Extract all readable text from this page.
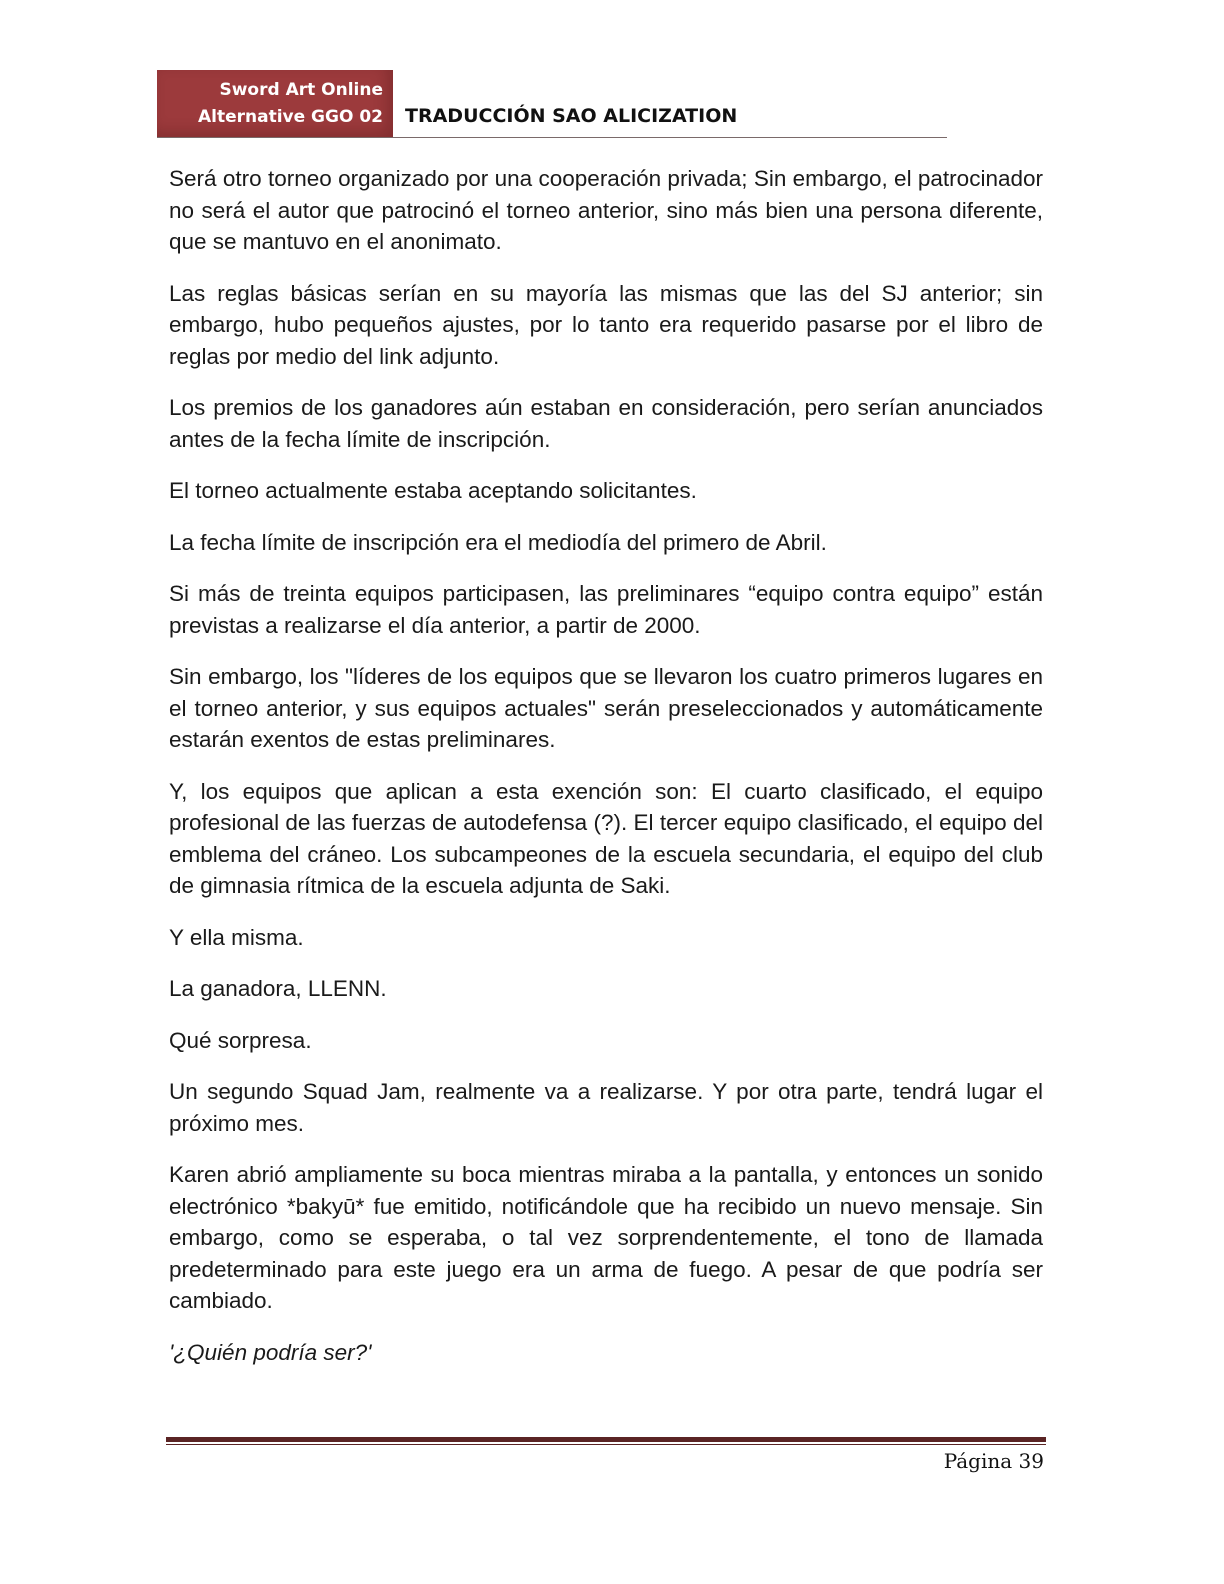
Sword Art Online
Alternative GGO 02 TRADUCCIÓN SAO ALICIZATION

Será otro torneo organizado por una cooperación privada; Sin embargo, el patrocinador no será el autor que patrocinó el torneo anterior, sino más bien una persona diferente, que se mantuvo en el anonimato.

Las reglas básicas serían en su mayoría las mismas que las del SJ anterior; sin embargo, hubo pequeños ajustes, por lo tanto era requerido pasarse por el libro de reglas por medio del link adjunto.

Los premios de los ganadores aún estaban en consideración, pero serían anunciados antes de la fecha límite de inscripción.

El torneo actualmente estaba aceptando solicitantes.

La fecha límite de inscripción era el mediodía del primero de Abril.

Si más de treinta equipos participasen, las preliminares “equipo contra equipo” están previstas a realizarse el día anterior, a partir de 2000.

Sin embargo, los "líderes de los equipos que se llevaron los cuatro primeros lugares en el torneo anterior, y sus equipos actuales" serán preseleccionados y automáticamente estarán exentos de estas preliminares.

Y, los equipos que aplican a esta exención son: El cuarto clasificado, el equipo profesional de las fuerzas de autodefensa (?). El tercer equipo clasificado, el equipo del emblema del cráneo. Los subcampeones de la escuela secundaria, el equipo del club de gimnasia rítmica de la escuela adjunta de Saki.

Y ella misma.

La ganadora, LLENN.

Qué sorpresa.

Un segundo Squad Jam, realmente va a realizarse. Y por otra parte, tendrá lugar el próximo mes.

Karen abrió ampliamente su boca mientras miraba a la pantalla, y entonces un sonido electrónico *bakyū* fue emitido, notificándole que ha recibido un nuevo mensaje. Sin embargo, como se esperaba, o tal vez sorprendentemente, el tono de llamada predeterminado para este juego era un arma de fuego. A pesar de que podría ser cambiado.

'¿Quién podría ser?'

Página 39
